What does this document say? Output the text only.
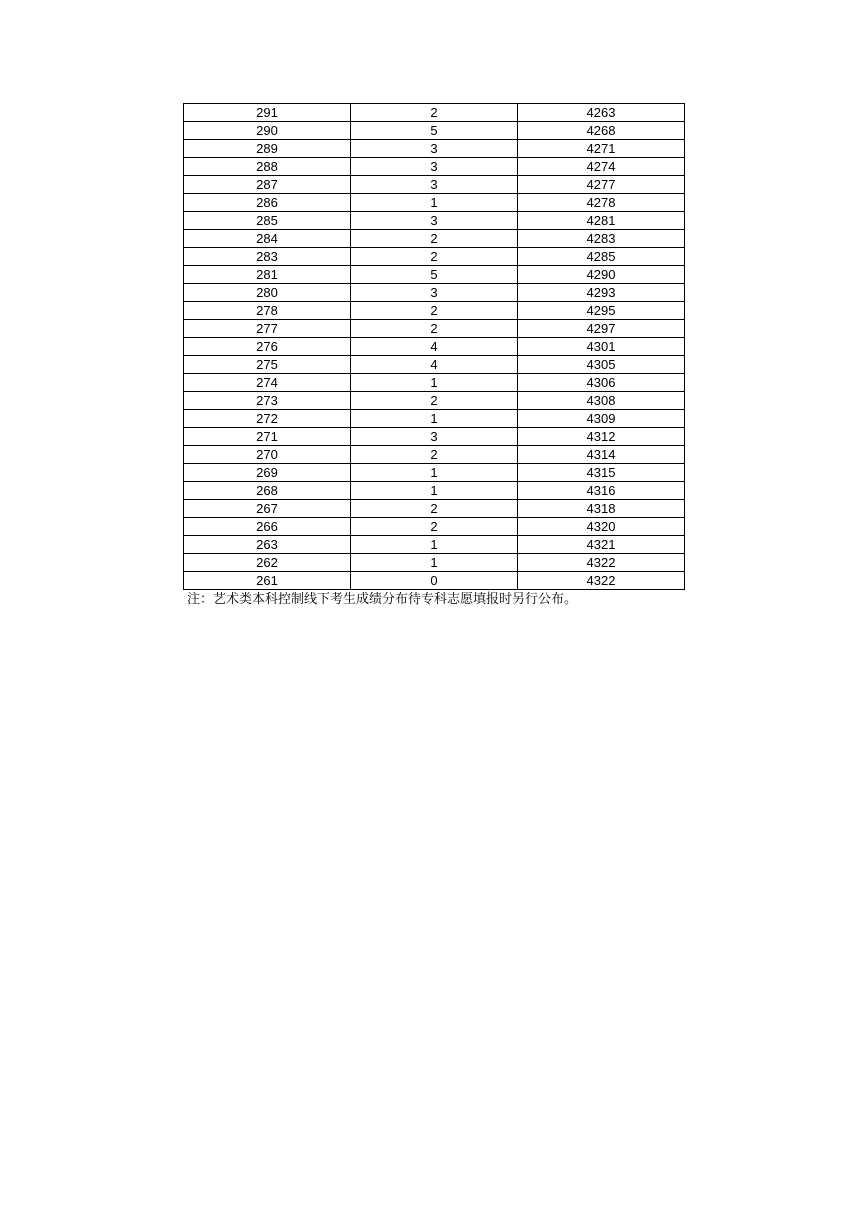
291	2	4263
290	5	4268
289	3	4271
288	3	4274
287	3	4277
286	1	4278
285	3	4281
284	2	4283
283	2	4285
281	5	4290
280	3	4293
278	2	4295
277	2	4297
276	4	4301
275	4	4305
274	1	4306
273	2	4308
272	1	4309
271	3	4312
270	2	4314
269	1	4315
268	1	4316
267	2	4318
266	2	4320
263	1	4321
262	1	4322
261	0	4322
注：艺术类本科控制线下考生成绩分布待专科志愿填报时另行公布。
